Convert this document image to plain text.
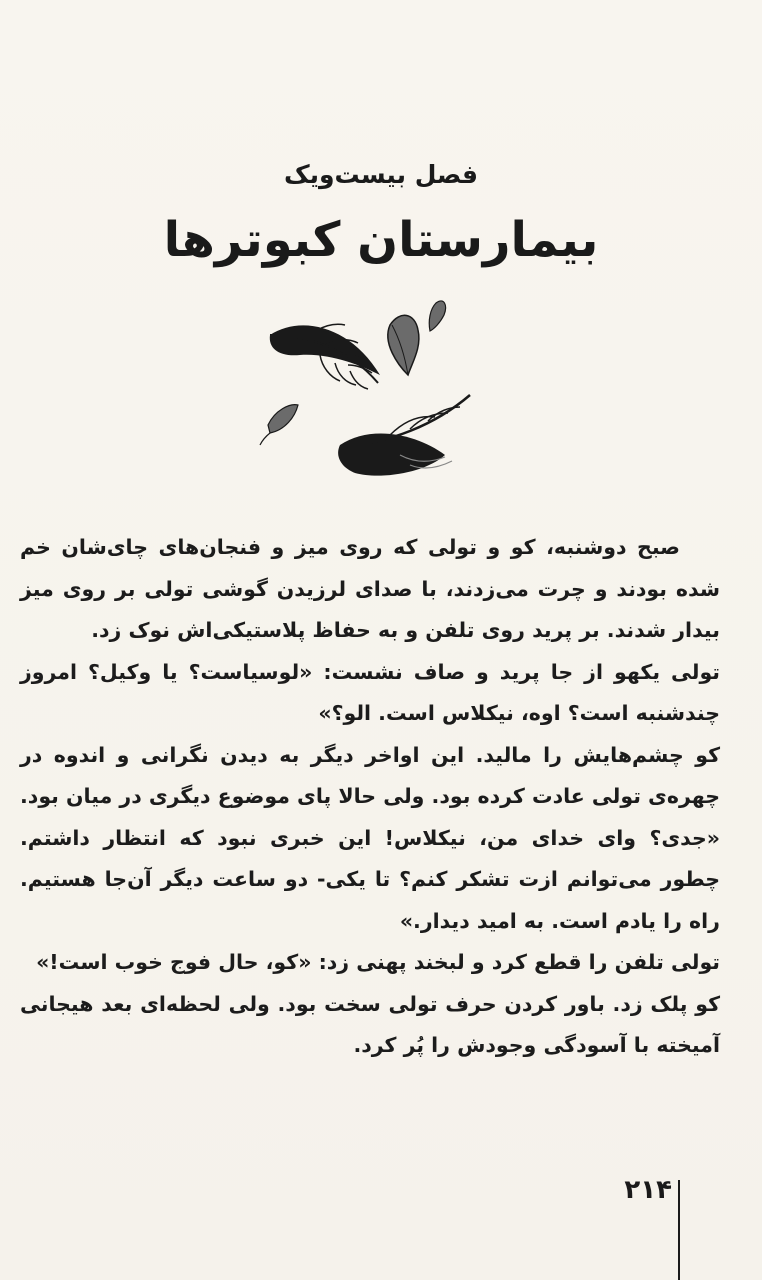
فصل بیست‌ویک
بیمارستان کبوترها

صبح دوشنبه، کو و تولی که روی میز و فنجان‌های چای‌شان خم شده بودند و چرت می‌زدند، با صدای لرزیدن گوشی تولی بر روی میز بیدار شدند. بر پرید روی تلفن و به حفاظ پلاستیکی‌اش نوک زد.

تولی یکهو از جا پرید و صاف نشست: «لوسیاست؟ یا وکیل؟ امروز چندشنبه است؟ اوه، نیکلاس است. الو؟»

کو چشم‌هایش را مالید. این اواخر دیگر به دیدن نگرانی و اندوه در چهره‌ی تولی عادت کرده بود. ولی حالا پای موضوع دیگری در میان بود.

«جدی؟ وای خدای من، نیکلاس! این خبری نبود که انتظار داشتم. چطور می‌توانم ازت تشکر کنم؟ تا یکی- دو ساعت دیگر آن‌جا هستیم. راه را یادم است. به امید دیدار.»

تولی تلفن را قطع کرد و لبخند پهنی زد: «کو، حال فوج خوب است!»

کو پلک زد. باور کردن حرف تولی سخت بود. ولی لحظه‌ای بعد هیجانی آمیخته با آسودگی وجودش را پُر کرد.

۲۱۴
